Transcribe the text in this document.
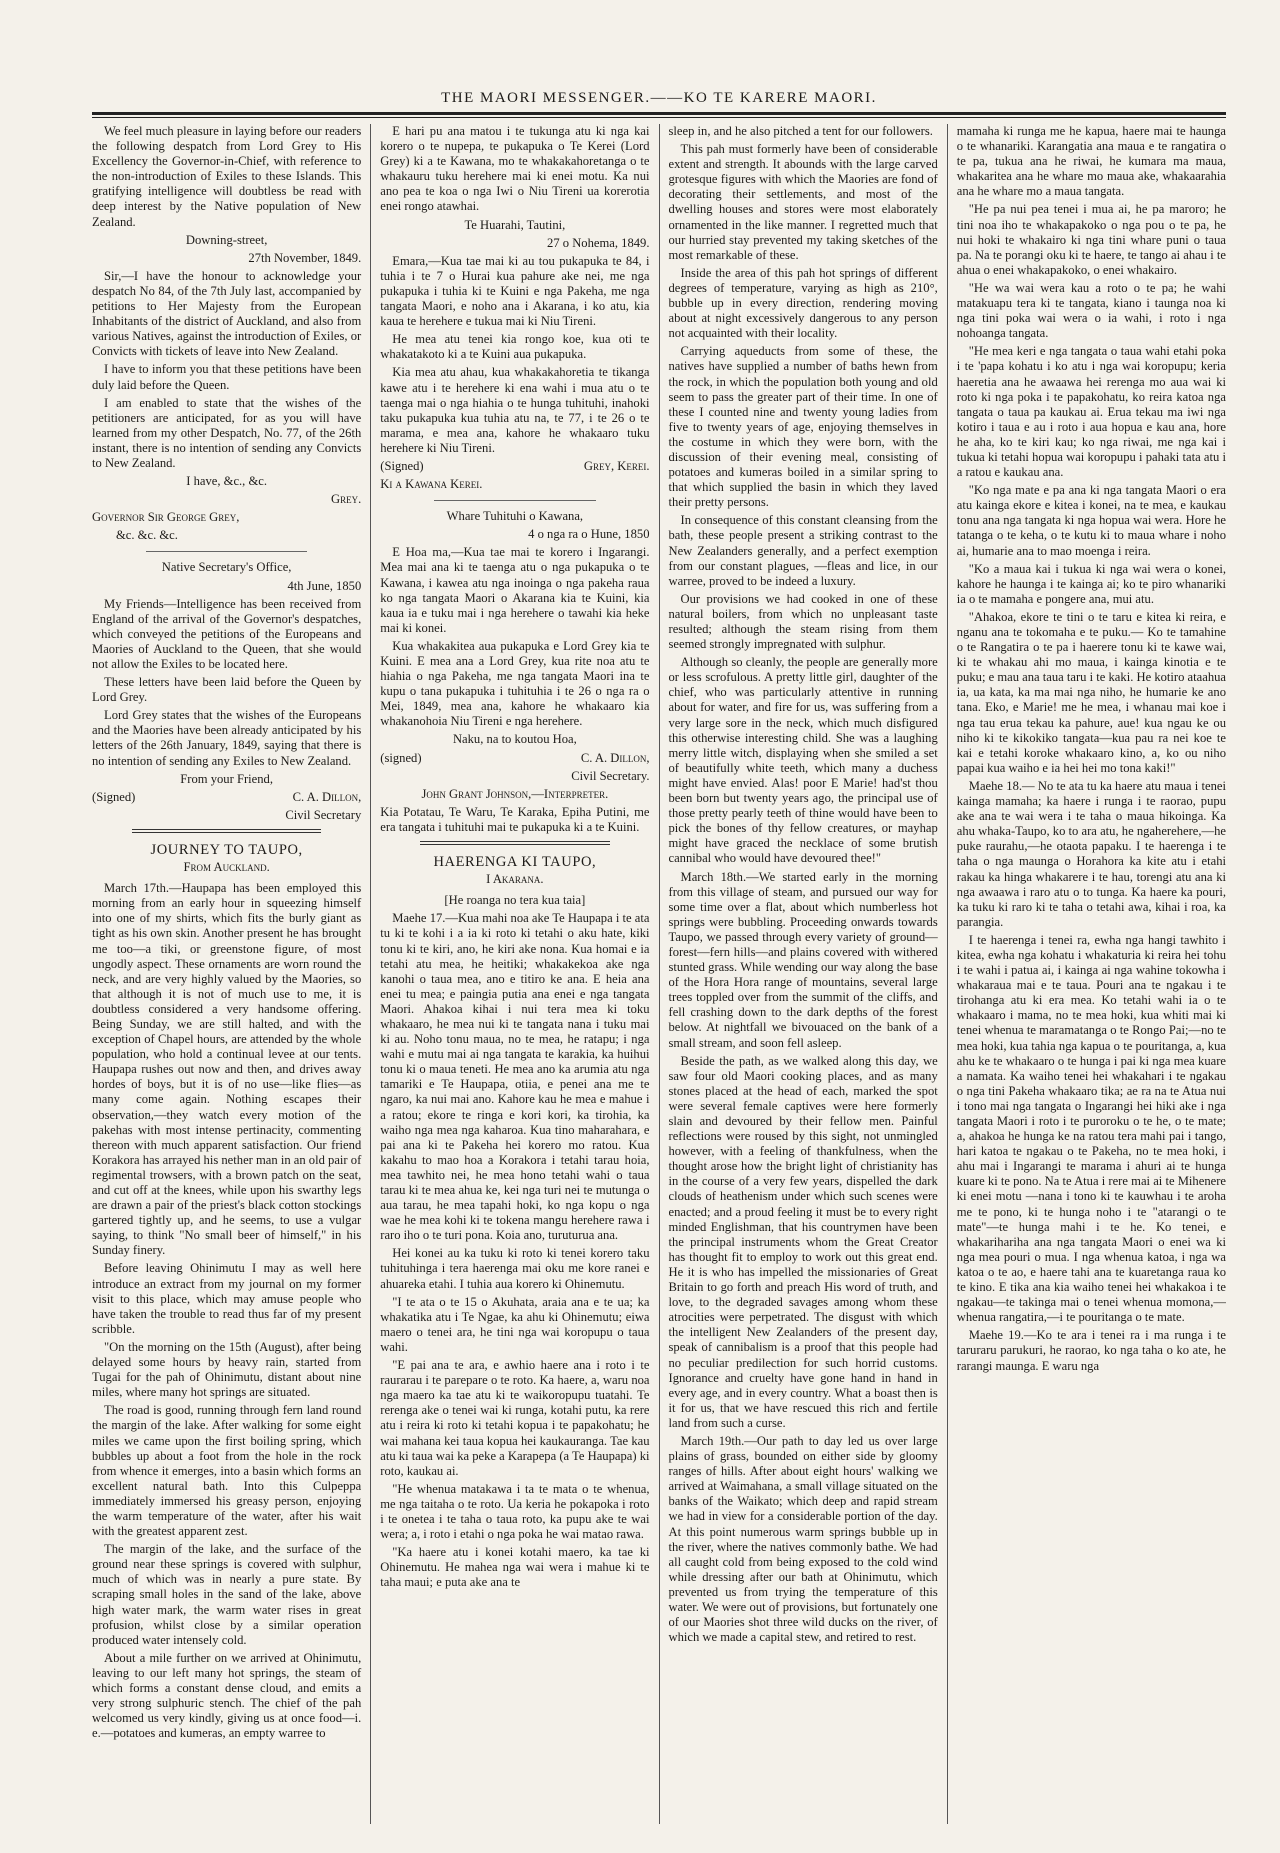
THE MAORI MESSENGER.——KO TE KARERE MAORI.

We feel much pleasure in laying before our readers the following despatch from Lord Grey to His Excellency the Governor-in-Chief, with reference to the non-introduction of Exiles to these Islands. This gratifying intelligence will doubtless be read with deep interest by the Native population of New Zealand.

Downing-street,

27th November, 1849.

Sir,—I have the honour to acknowledge your despatch No 84, of the 7th July last, accompanied by petitions to Her Majesty from the European Inhabitants of the district of Auckland, and also from various Natives, against the introduction of Exiles, or Convicts with tickets of leave into New Zealand.

I have to inform you that these petitions have been duly laid before the Queen.

I am enabled to state that the wishes of the petitioners are anticipated, for as you will have learned from my other Despatch, No. 77, of the 26th instant, there is no intention of sending any Convicts to New Zealand.

I have, &c., &c.

Grey.

Governor Sir George Grey,

&c. &c. &c.

Native Secretary's Office,

4th June, 1850

My Friends—Intelligence has been received from England of the arrival of the Governor's despatches, which conveyed the petitions of the Europeans and Maories of Auckland to the Queen, that she would not allow the Exiles to be located here.

These letters have been laid before the Queen by Lord Grey.

Lord Grey states that the wishes of the Europeans and the Maories have been already anticipated by his letters of the 26th January, 1849, saying that there is no intention of sending any Exiles to New Zealand.

From your Friend,

(Signed)	C. A. Dillon,

Civil Secretary

JOURNEY TO TAUPO,
From Auckland.

March 17th.—Haupapa has been employed this morning from an early hour in squeezing himself into one of my shirts, which fits the burly giant as tight as his own skin. Another present he has brought me too—a tiki, or greenstone figure, of most ungodly aspect. These ornaments are worn round the neck, and are very highly valued by the Maories, so that although it is not of much use to me, it is doubtless considered a very handsome offering. Being Sunday, we are still halted, and with the exception of Chapel hours, are attended by the whole population, who hold a continual levee at our tents. Haupapa rushes out now and then, and drives away hordes of boys, but it is of no use—like flies—as many come again. Nothing escapes their observation,—they watch every motion of the pakehas with most intense pertinacity, commenting thereon with much apparent satisfaction. Our friend Korakora has arrayed his nether man in an old pair of regimental trowsers, with a brown patch on the seat, and cut off at the knees, while upon his swarthy legs are drawn a pair of the priest's black cotton stockings gartered tightly up, and he seems, to use a vulgar saying, to think "No small beer of himself," in his Sunday finery.

Before leaving Ohinimutu I may as well here introduce an extract from my journal on my former visit to this place, which may amuse people who have taken the trouble to read thus far of my present scribble.

"On the morning on the 15th (August), after being delayed some hours by heavy rain, started from Tugai for the pah of Ohinimutu, distant about nine miles, where many hot springs are situated.

The road is good, running through fern land round the margin of the lake. After walking for some eight miles we came upon the first boiling spring, which bubbles up about a foot from the hole in the rock from whence it emerges, into a basin which forms an excellent natural bath. Into this Culpeppa immediately immersed his greasy person, enjoying the warm temperature of the water, after his wait with the greatest apparent zest.

The margin of the lake, and the surface of the ground near these springs is covered with sulphur, much of which was in nearly a pure state. By scraping small holes in the sand of the lake, above high water mark, the warm water rises in great profusion, whilst close by a similar operation produced water intensely cold.

About a mile further on we arrived at Ohinimutu, leaving to our left many hot springs, the steam of which forms a constant dense cloud, and emits a very strong sulphuric stench. The chief of the pah welcomed us very kindly, giving us at once food—i. e.—potatoes and kumeras, an empty warree to

E hari pu ana matou i te tukunga atu ki nga kai korero o te nupepa, te pukapuka o Te Kerei (Lord Grey) ki a te Kawana, mo te whakakahoretanga o te whakauru tuku herehere mai ki enei motu. Ka nui ano pea te koa o nga Iwi o Niu Tireni ua korerotia enei rongo atawhai.

Te Huarahi, Tautini,

27 o Nohema, 1849.

Emara,—Kua tae mai ki au tou pukapuka te 84, i tuhia i te 7 o Hurai kua pahure ake nei, me nga pukapuka i tuhia ki te Kuini e nga Pakeha, me nga tangata Maori, e noho ana i Akarana, i ko atu, kia kaua te herehere e tukua mai ki Niu Tireni.

He mea atu tenei kia rongo koe, kua oti te whakatakoto ki a te Kuini aua pukapuka.

Kia mea atu ahau, kua whakakahoretia te tikanga kawe atu i te herehere ki ena wahi i mua atu o te taenga mai o nga hiahia o te hunga tuhituhi, inahoki taku pukapuka kua tuhia atu na, te 77, i te 26 o te marama, e mea ana, kahore he whakaaro tuku herehere ki Niu Tireni.

(Signed)	Grey, Kerei.

Ki a Kawana Kerei.

Whare Tuhituhi o Kawana,

4 o nga ra o Hune, 1850

E Hoa ma,—Kua tae mai te korero i Ingarangi. Mea mai ana ki te taenga atu o nga pukapuka o te Kawana, i kawea atu nga inoinga o nga pakeha raua ko nga tangata Maori o Akarana kia te Kuini, kia kaua ia e tuku mai i nga herehere o tawahi kia heke mai ki konei.

Kua whakakitea aua pukapuka e Lord Grey kia te Kuini. E mea ana a Lord Grey, kua rite noa atu te hiahia o nga Pakeha, me nga tangata Maori ina te kupu o tana pukapuka i tuhituhia i te 26 o nga ra o Mei, 1849, mea ana, kahore he whakaaro kia whakanohoia Niu Tireni e nga herehere.

Naku, na to koutou Hoa,

(signed)	C. A. Dillon,

Civil Secretary.

John Grant Johnson,—Interpreter.

Kia Potatau, Te Waru, Te Karaka, Epiha Putini, me era tangata i tuhituhi mai te pukapuka ki a te Kuini.

HAERENGA KI TAUPO,
I Akarana.

[He roanga no tera kua taia]

Maehe 17.—Kua mahi noa ake Te Haupapa i te ata tu ki te kohi i a ia ki roto ki tetahi o aku hate, kiki tonu ki te kiri, ano, he kiri ake nona. Kua homai e ia tetahi atu mea, he heitiki; whakakekoa ake nga kanohi o taua mea, ano e titiro ke ana. E heia ana enei tu mea; e paingia putia ana enei e nga tangata Maori. Ahakoa kihai i nui tera mea ki toku whakaaro, he mea nui ki te tangata nana i tuku mai ki au. Noho tonu maua, no te mea, he ratapu; i nga wahi e mutu mai ai nga tangata te karakia, ka huihui tonu ki o maua teneti. He mea ano ka arumia atu nga tamariki e Te Haupapa, otiia, e penei ana me te ngaro, ka nui mai ano. Kahore kau he mea e mahue i a ratou; ekore te ringa e kori kori, ka tirohia, ka waiho nga mea nga kaharoa. Kua tino maharahara, e pai ana ki te Pakeha hei korero mo ratou. Kua kakahu to mao hoa a Korakora i tetahi tarau hoia, mea tawhito nei, he mea hono tetahi wahi o taua tarau ki te mea ahua ke, kei nga turi nei te mutunga o aua tarau, he mea tapahi hoki, ko nga kopu o nga wae he mea kohi ki te tokena mangu herehere rawa i raro iho o te turi pona. Koia ano, turuturua ana.

Hei konei au ka tuku ki roto ki tenei korero taku tuhituhinga i tera haerenga mai oku me kore ranei e ahuareka etahi. I tuhia aua korero ki Ohinemutu.

"I te ata o te 15 o Akuhata, araia ana e te ua; ka whakatika atu i Te Ngae, ka ahu ki Ohinemutu; eiwa maero o tenei ara, he tini nga wai koropupu o taua wahi.

"E pai ana te ara, e awhio haere ana i roto i te raurarau i te parepare o te roto. Ka haere, a, waru noa nga maero ka tae atu ki te waikoropupu tuatahi. Te rerenga ake o tenei wai ki runga, kotahi putu, ka rere atu i reira ki roto ki tetahi kopua i te papakohatu; he wai mahana kei taua kopua hei kaukauranga. Tae kau atu ki taua wai ka peke a Karapepa (a Te Haupapa) ki roto, kaukau ai.

"He whenua matakawa i ta te mata o te whenua, me nga taitaha o te roto. Ua keria he pokapoka i roto i te onetea i te taha o taua roto, ka pupu ake te wai wera; a, i roto i etahi o nga poka he wai matao rawa.

"Ka haere atu i konei kotahi maero, ka tae ki Ohinemutu. He mahea nga wai wera i mahue ki te taha maui; e puta ake ana te

sleep in, and he also pitched a tent for our followers.

This pah must formerly have been of considerable extent and strength. It abounds with the large carved grotesque figures with which the Maories are fond of decorating their settlements, and most of the dwelling houses and stores were most elaborately ornamented in the like manner. I regretted much that our hurried stay prevented my taking sketches of the most remarkable of these.

Inside the area of this pah hot springs of different degrees of temperature, varying as high as 210°, bubble up in every direction, rendering moving about at night excessively dangerous to any person not acquainted with their locality.

Carrying aqueducts from some of these, the natives have supplied a number of baths hewn from the rock, in which the population both young and old seem to pass the greater part of their time. In one of these I counted nine and twenty young ladies from five to twenty years of age, enjoying themselves in the costume in which they were born, with the discussion of their evening meal, consisting of potatoes and kumeras boiled in a similar spring to that which supplied the basin in which they laved their pretty persons.

In consequence of this constant cleansing from the bath, these people present a striking contrast to the New Zealanders generally, and a perfect exemption from our constant plagues, —fleas and lice, in our warree, proved to be indeed a luxury.

Our provisions we had cooked in one of these natural boilers, from which no unpleasant taste resulted; although the steam rising from them seemed strongly impregnated with sulphur.

Although so cleanly, the people are generally more or less scrofulous. A pretty little girl, daughter of the chief, who was particularly attentive in running about for water, and fire for us, was suffering from a very large sore in the neck, which much disfigured this otherwise interesting child. She was a laughing merry little witch, displaying when she smiled a set of beautifully white teeth, which many a duchess might have envied. Alas! poor E Marie! had'st thou been born but twenty years ago, the principal use of those pretty pearly teeth of thine would have been to pick the bones of thy fellow creatures, or mayhap might have graced the necklace of some brutish cannibal who would have devoured thee!"

March 18th.—We started early in the morning from this village of steam, and pursued our way for some time over a flat, about which numberless hot springs were bubbling. Proceeding onwards towards Taupo, we passed through every variety of ground—forest—fern hills—and plains covered with withered stunted grass. While wending our way along the base of the Hora Hora range of mountains, several large trees toppled over from the summit of the cliffs, and fell crashing down to the dark depths of the forest below. At nightfall we bivouaced on the bank of a small stream, and soon fell asleep.

Beside the path, as we walked along this day, we saw four old Maori cooking places, and as many stones placed at the head of each, marked the spot were several female captives were here formerly slain and devoured by their fellow men. Painful reflections were roused by this sight, not unmingled however, with a feeling of thankfulness, when the thought arose how the bright light of christianity has in the course of a very few years, dispelled the dark clouds of heathenism under which such scenes were enacted; and a proud feeling it must be to every right minded Englishman, that his countrymen have been the principal instruments whom the Great Creator has thought fit to employ to work out this great end. He it is who has impelled the missionaries of Great Britain to go forth and preach His word of truth, and love, to the degraded savages among whom these atrocities were perpetrated. The disgust with which the intelligent New Zealanders of the present day, speak of cannibalism is a proof that this people had no peculiar predilection for such horrid customs. Ignorance and cruelty have gone hand in hand in every age, and in every country. What a boast then is it for us, that we have rescued this rich and fertile land from such a curse.

March 19th.—Our path to day led us over large plains of grass, bounded on either side by gloomy ranges of hills. After about eight hours' walking we arrived at Waimahana, a small village situated on the banks of the Waikato; which deep and rapid stream we had in view for a considerable portion of the day. At this point numerous warm springs bubble up in the river, where the natives commonly bathe. We had all caught cold from being exposed to the cold wind while dressing after our bath at Ohinimutu, which prevented us from trying the temperature of this water. We were out of provisions, but fortunately one of our Maories shot three wild ducks on the river, of which we made a capital stew, and retired to rest.

mamaha ki runga me he kapua, haere mai te haunga o te whanariki. Karangatia ana maua e te rangatira o te pa, tukua ana he riwai, he kumara ma maua, whakaritea ana he whare mo maua ake, whakaarahia ana he whare mo a maua tangata.

"He pa nui pea tenei i mua ai, he pa maroro; he tini noa iho te whakapakoko o nga pou o te pa, he nui hoki te whakairo ki nga tini whare puni o taua pa. Na te porangi oku ki te haere, te tango ai ahau i te ahua o enei whakapakoko, o enei whakairo.

"He wa wai wera kau a roto o te pa; he wahi matakuapu tera ki te tangata, kiano i taunga noa ki nga tini poka wai wera o ia wahi, i roto i nga nohoanga tangata.

"He mea keri e nga tangata o taua wahi etahi poka i te 'papa kohatu i ko atu i nga wai koropupu; keria haeretia ana he awaawa hei rerenga mo aua wai ki roto ki nga poka i te papakohatu, ko reira katoa nga tangata o taua pa kaukau ai. Erua tekau ma iwi nga kotiro i taua e au i roto i aua hopua e kau ana, hore he aha, ko te kiri kau; ko nga riwai, me nga kai i tukua ki tetahi hopua wai koropupu i pahaki tata atu i a ratou e kaukau ana.

"Ko nga mate e pa ana ki nga tangata Maori o era atu kainga ekore e kitea i konei, na te mea, e kaukau tonu ana nga tangata ki nga hopua wai wera. Hore he tatanga o te keha, o te kutu ki to maua whare i noho ai, humarie ana to mao moenga i reira.

"Ko a maua kai i tukua ki nga wai wera o konei, kahore he haunga i te kainga ai; ko te piro whanariki ia o te mamaha e pongere ana, mui atu.

"Ahakoa, ekore te tini o te taru e kitea ki reira, e nganu ana te tokomaha e te puku.— Ko te tamahine o te Rangatira o te pa i haerere tonu ki te kawe wai, ki te whakau ahi mo maua, i kainga kinotia e te puku; e mau ana taua taru i te kaki. He kotiro ataahua ia, ua kata, ka ma mai nga niho, he humarie ke ano tana. Eko, e Marie! me he mea, i whanau mai koe i nga tau erua tekau ka pahure, aue! kua ngau ke ou niho ki te kikokiko tangata—kua pau ra nei koe te kai e tetahi koroke whakaaro kino, a, ko ou niho papai kua waiho e ia hei hei mo tona kaki!"

Maehe 18.— No te ata tu ka haere atu maua i tenei kainga mamaha; ka haere i runga i te raorao, pupu ake ana te wai wera i te taha o maua hikoinga. Ka ahu whaka-Taupo, ko to ara atu, he ngaherehere,—he puke raurahu,—he otaota papaku. I te haerenga i te taha o nga maunga o Horahora ka kite atu i etahi rakau ka hinga whakarere i te hau, torengi atu ana ki nga awaawa i raro atu o to tunga. Ka haere ka pouri, ka tuku ki raro ki te taha o tetahi awa, kihai i roa, ka parangia.

I te haerenga i tenei ra, ewha nga hangi tawhito i kitea, ewha nga kohatu i whakaturia ki reira hei tohu i te wahi i patua ai, i kainga ai nga wahine tokowha i whakaraua mai e te taua. Pouri ana te ngakau i te tirohanga atu ki era mea. Ko tetahi wahi ia o te whakaaro i mama, no te mea hoki, kua whiti mai ki tenei whenua te maramatanga o te Rongo Pai;—no te mea hoki, kua tahia nga kapua o te pouritanga, a, kua ahu ke te whakaaro o te hunga i pai ki nga mea kuare a namata. Ka waiho tenei hei whakahari i te ngakau o nga tini Pakeha whakaaro tika; ae ra na te Atua nui i tono mai nga tangata o Ingarangi hei hiki ake i nga tangata Maori i roto i te puroroku o te he, o te mate; a, ahakoa he hunga ke na ratou tera mahi pai i tango, hari katoa te ngakau o te Pakeha, no te mea hoki, i ahu mai i Ingarangi te marama i ahuri ai te hunga kuare ki te pono. Na te Atua i rere mai ai te Mihenere ki enei motu —nana i tono ki te kauwhau i te aroha me te pono, ki te hunga noho i te "atarangi o te mate"—te hunga mahi i te he. Ko tenei, e whakarihariha ana nga tangata Maori o enei wa ki nga mea pouri o mua. I nga whenua katoa, i nga wa katoa o te ao, e haere tahi ana te kuaretanga raua ko te kino. E tika ana kia waiho tenei hei whakakoa i te ngakau—te takinga mai o tenei whenua momona,—whenua rangatira,—i te pouritanga o te mate.

Maehe 19.—Ko te ara i tenei ra i ma runga i te taruraru parukuri, he raorao, ko nga taha o ko ate, he rarangi maunga. E waru nga
